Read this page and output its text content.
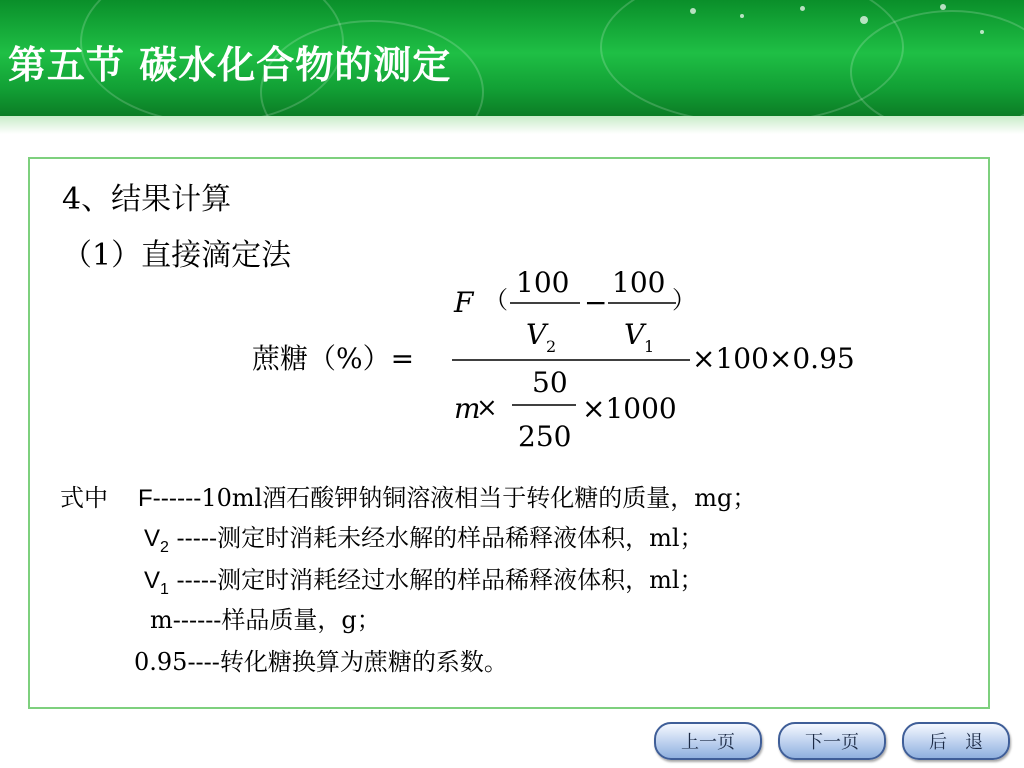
第五节 碳水化合物的测定
4、结果计算
（1）直接滴定法
蔗糖（%）=
F （
100
V 2
−
100
V 1
）
×100×0.95
m
×
50
250
×1000
式中 F------10ml酒石酸钾钠铜溶液相当于转化糖的质量，mg；
$V_2$ -----测定时消耗未经水解的样品稀释液体积，ml；
$V_1$ -----测定时消耗经过水解的样品稀释液体积，ml；
m------样品质量，g；
0.95----转化糖换算为蔗糖的系数。
上一页	下一页	后　退
